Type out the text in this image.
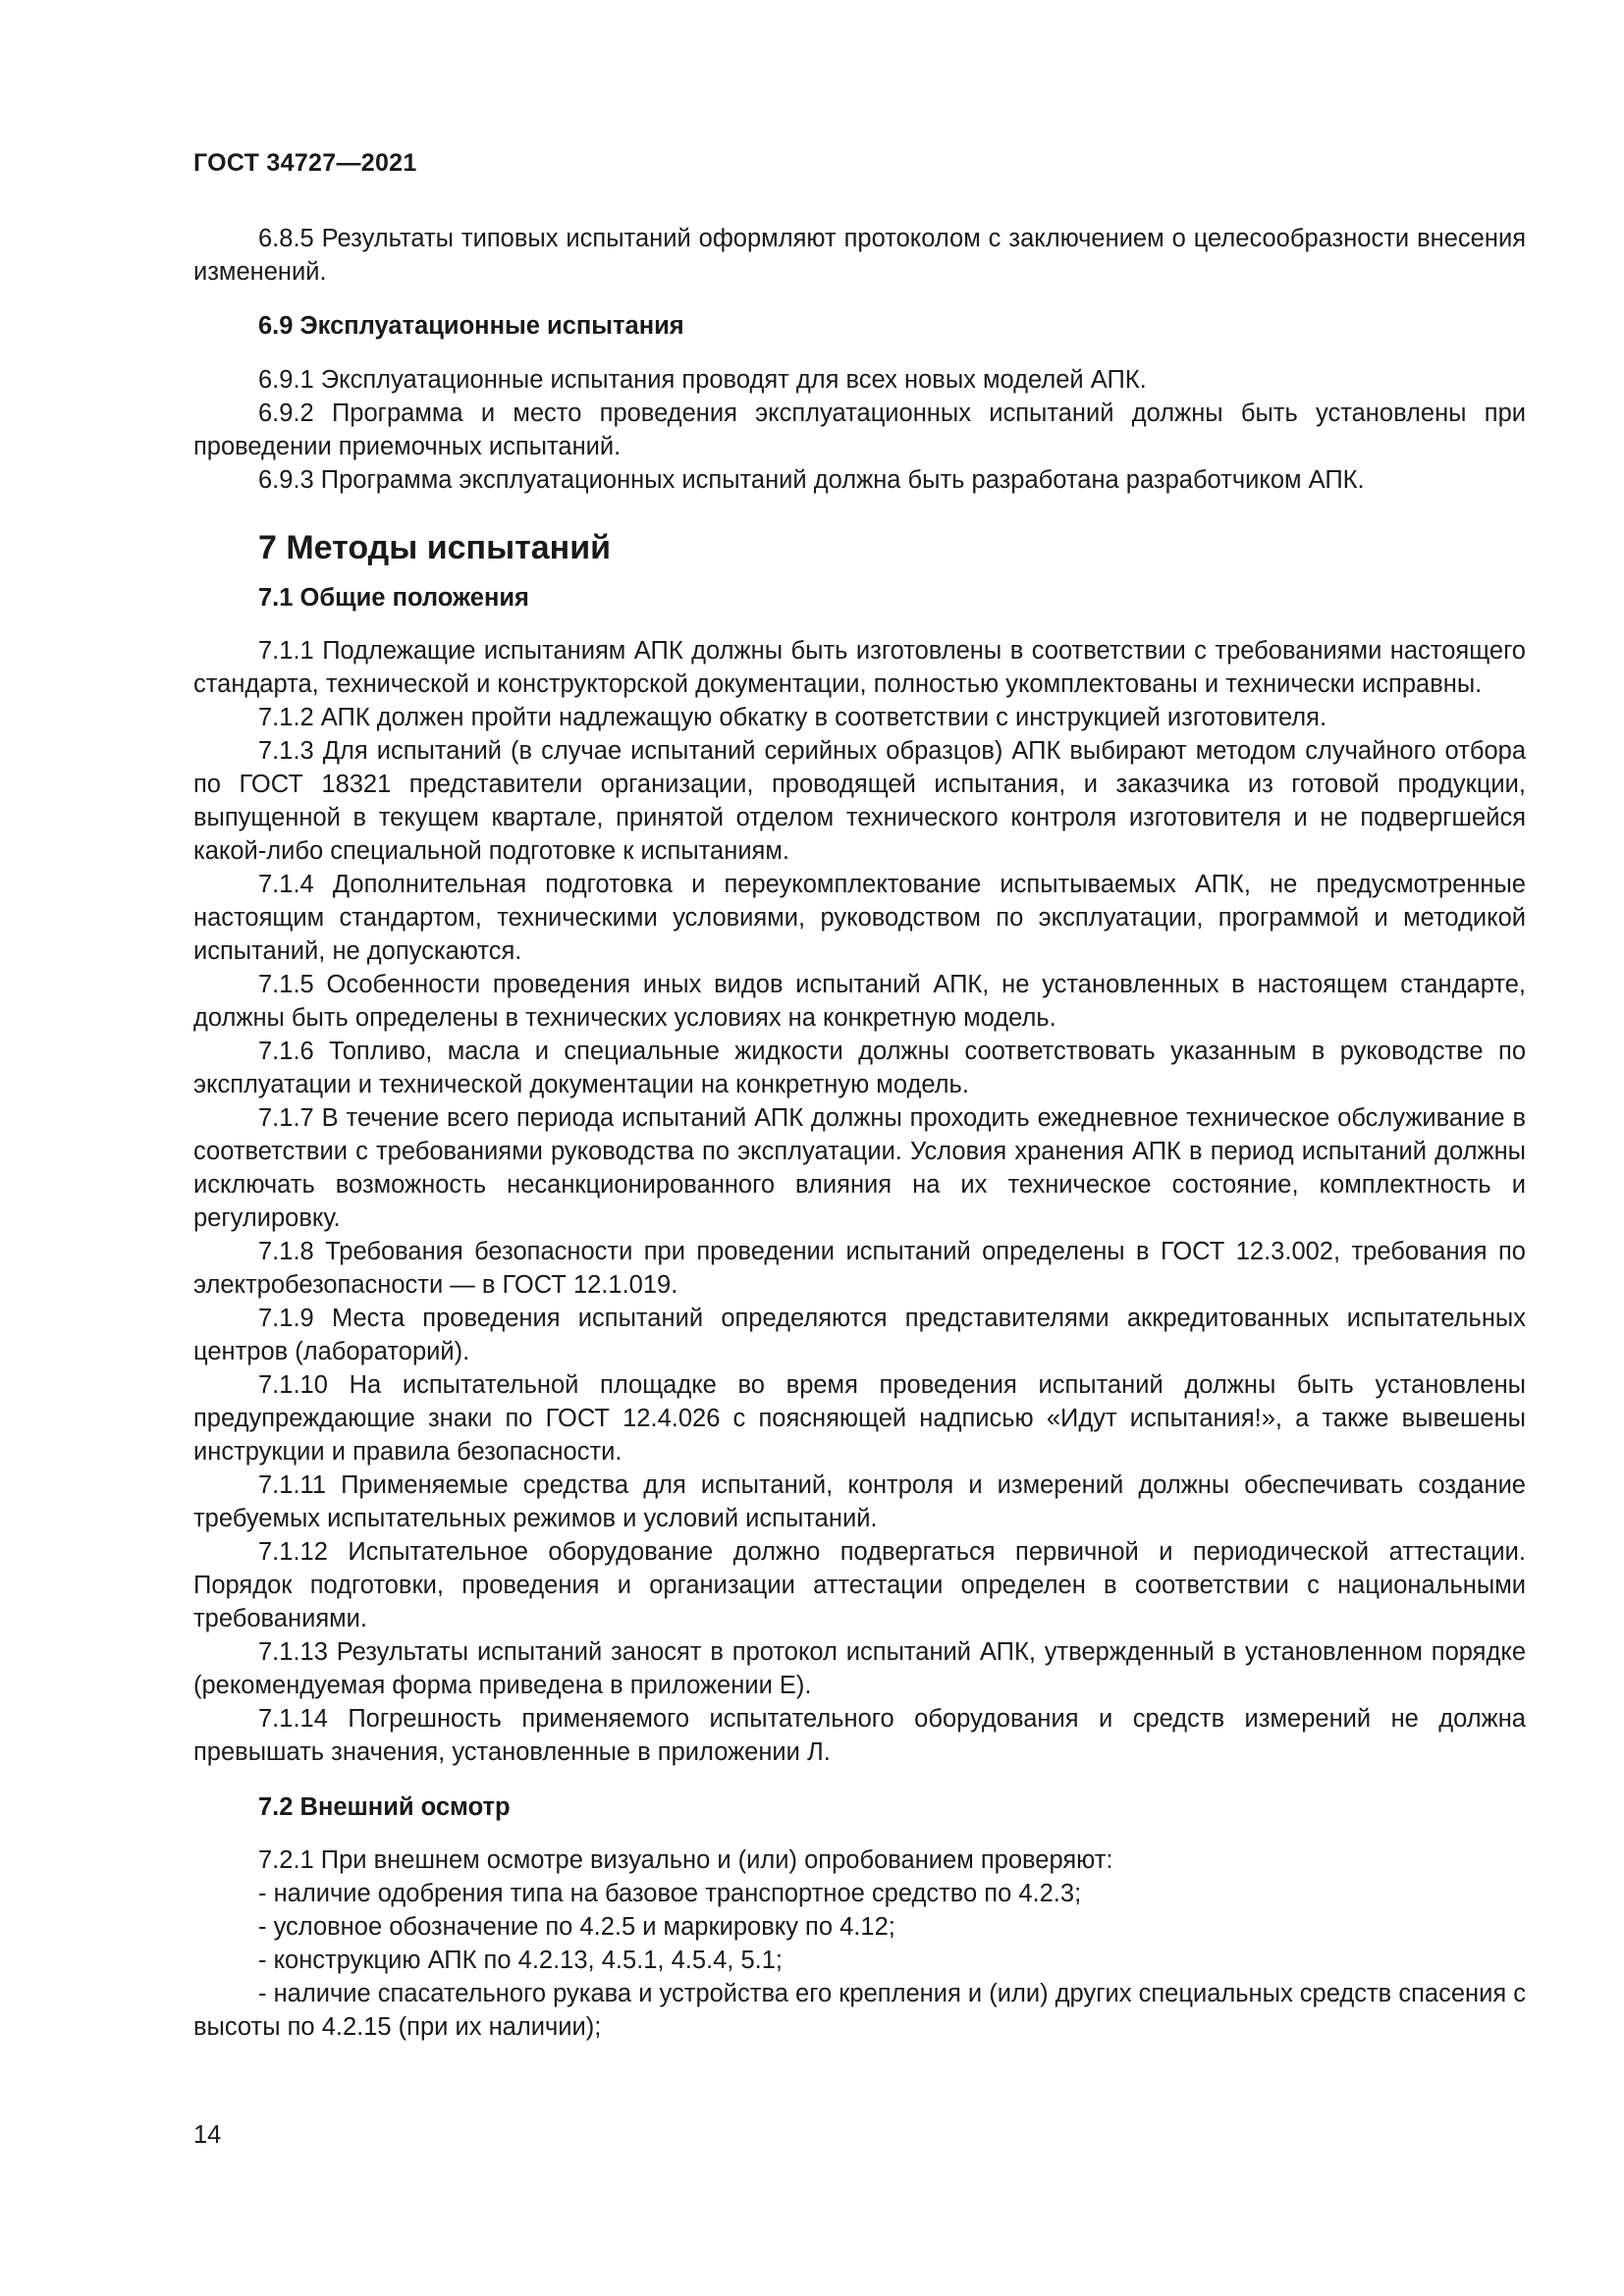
ГОСТ 34727—2021

6.8.5 Результаты типовых испытаний оформляют протоколом с заключением о целесообразности внесения изменений.

6.9 Эксплуатационные испытания

6.9.1 Эксплуатационные испытания проводят для всех новых моделей АПК.

6.9.2 Программа и место проведения эксплуатационных испытаний должны быть установлены при проведении приемочных испытаний.

6.9.3 Программа эксплуатационных испытаний должна быть разработана разработчиком АПК.

7 Методы испытаний

7.1 Общие положения

7.1.1 Подлежащие испытаниям АПК должны быть изготовлены в соответствии с требованиями настоящего стандарта, технической и конструкторской документации, полностью укомплектованы и технически исправны.

7.1.2 АПК должен пройти надлежащую обкатку в соответствии с инструкцией изготовителя.

7.1.3 Для испытаний (в случае испытаний серийных образцов) АПК выбирают методом случайного отбора по ГОСТ 18321 представители организации, проводящей испытания, и заказчика из готовой продукции, выпущенной в текущем квартале, принятой отделом технического контроля изготовителя и не подвергшейся какой-либо специальной подготовке к испытаниям.

7.1.4 Дополнительная подготовка и переукомплектование испытываемых АПК, не предусмотренные настоящим стандартом, техническими условиями, руководством по эксплуатации, программой и методикой испытаний, не допускаются.

7.1.5 Особенности проведения иных видов испытаний АПК, не установленных в настоящем стандарте, должны быть определены в технических условиях на конкретную модель.

7.1.6 Топливо, масла и специальные жидкости должны соответствовать указанным в руководстве по эксплуатации и технической документации на конкретную модель.

7.1.7 В течение всего периода испытаний АПК должны проходить ежедневное техническое обслуживание в соответствии с требованиями руководства по эксплуатации. Условия хранения АПК в период испытаний должны исключать возможность несанкционированного влияния на их техническое состояние, комплектность и регулировку.

7.1.8 Требования безопасности при проведении испытаний определены в ГОСТ 12.3.002, требования по электробезопасности — в ГОСТ 12.1.019.

7.1.9 Места проведения испытаний определяются представителями аккредитованных испытательных центров (лабораторий).

7.1.10 На испытательной площадке во время проведения испытаний должны быть установлены предупреждающие знаки по ГОСТ 12.4.026 с поясняющей надписью «Идут испытания!», а также вывешены инструкции и правила безопасности.

7.1.11 Применяемые средства для испытаний, контроля и измерений должны обеспечивать создание требуемых испытательных режимов и условий испытаний.

7.1.12 Испытательное оборудование должно подвергаться первичной и периодической аттестации. Порядок подготовки, проведения и организации аттестации определен в соответствии с национальными требованиями.

7.1.13 Результаты испытаний заносят в протокол испытаний АПК, утвержденный в установленном порядке (рекомендуемая форма приведена в приложении Е).

7.1.14 Погрешность применяемого испытательного оборудования и средств измерений не должна превышать значения, установленные в приложении Л.

7.2 Внешний осмотр

7.2.1 При внешнем осмотре визуально и (или) опробованием проверяют:

- наличие одобрения типа на базовое транспортное средство по 4.2.3;

- условное обозначение по 4.2.5 и маркировку по 4.12;

- конструкцию АПК по 4.2.13, 4.5.1, 4.5.4, 5.1;

- наличие спасательного рукава и устройства его крепления и (или) других специальных средств спасения с высоты по 4.2.15 (при их наличии);

14
